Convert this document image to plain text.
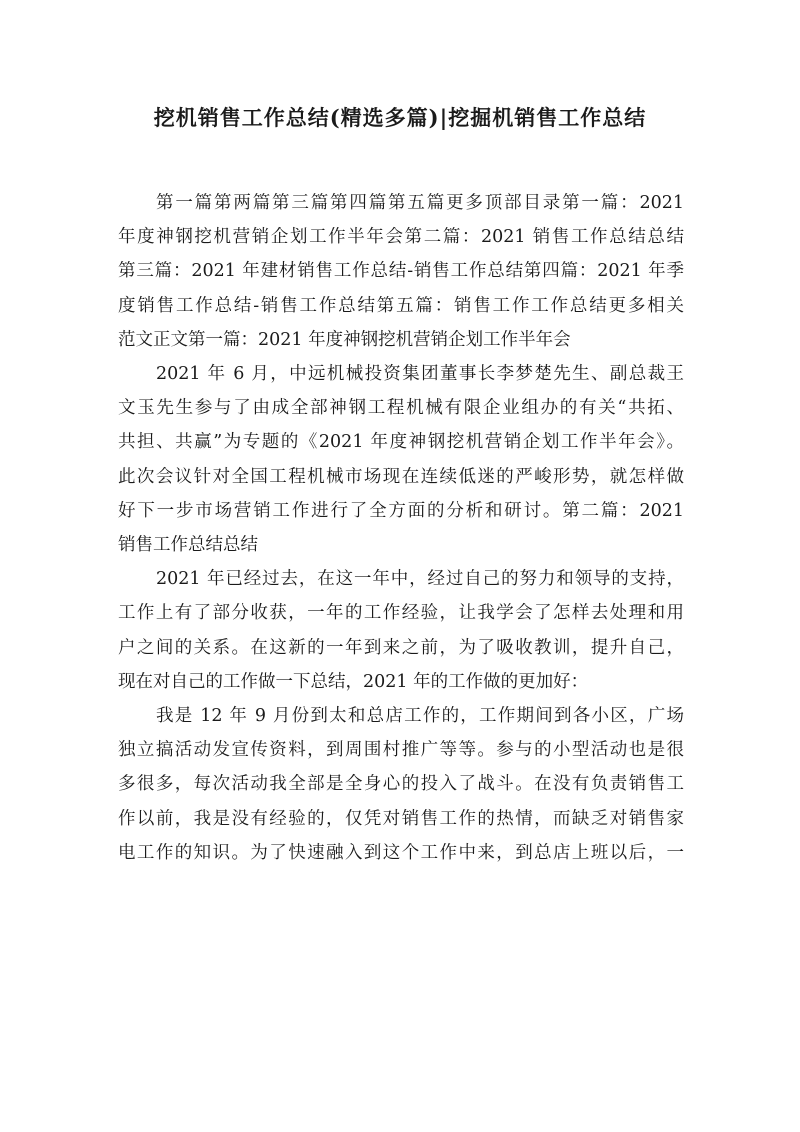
挖机销售工作总结(精选多篇)|挖掘机销售工作总结

第一篇第两篇第三篇第四篇第五篇更多顶部目录第一篇：2021
年度神钢挖机营销企划工作半年会第二篇：2021 销售工作总结总结
第三篇：2021 年建材销售工作总结-销售工作总结第四篇：2021 年季
度销售工作总结-销售工作总结第五篇：销售工作工作总结更多相关
范文正文第一篇：2021 年度神钢挖机营销企划工作半年会

2021 年 6 月，中远机械投资集团董事长李梦楚先生、副总裁王
文玉先生参与了由成全部神钢工程机械有限企业组办的有关“共拓、
共担、共赢”为专题的《2021 年度神钢挖机营销企划工作半年会》。
此次会议针对全国工程机械市场现在连续低迷的严峻形势，就怎样做
好下一步市场营销工作进行了全方面的分析和研讨。第二篇：2021
销售工作总结总结

2021 年已经过去，在这一年中，经过自己的努力和领导的支持，
工作上有了部分收获，一年的工作经验，让我学会了怎样去处理和用
户之间的关系。在这新的一年到来之前，为了吸收教训，提升自己，
现在对自己的工作做一下总结，2021 年的工作做的更加好：

我是 12 年 9 月份到太和总店工作的，工作期间到各小区，广场
独立搞活动发宣传资料，到周围村推广等等。参与的小型活动也是很
多很多，每次活动我全部是全身心的投入了战斗。在没有负责销售工
作以前，我是没有经验的，仅凭对销售工作的热情，而缺乏对销售家
电工作的知识。为了快速融入到这个工作中来，到总店上班以后，一
